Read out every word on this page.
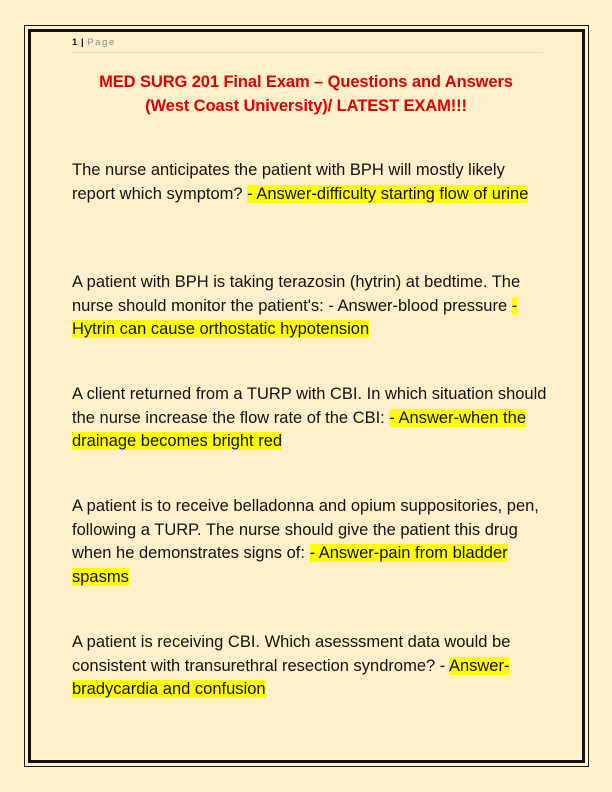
1 | Page
MED SURG 201 Final Exam – Questions and Answers
(West Coast University)/ LATEST EXAM!!!
The nurse anticipates the patient with BPH will mostly likely report which symptom? - Answer-difficulty starting flow of urine
A patient with BPH is taking terazosin (hytrin) at bedtime. The nurse should monitor the patient's: - Answer-blood pressure - Hytrin can cause orthostatic hypotension
A client returned from a TURP with CBI. In which situation should the nurse increase the flow rate of the CBI: - Answer-when the drainage becomes bright red
A patient is to receive belladonna and opium suppositories, pen, following a TURP. The nurse should give the patient this drug when he demonstrates signs of: - Answer-pain from bladder spasms
A patient is receiving CBI. Which asesssment data would be consistent with transurethral resection syndrome? - Answer-bradycardia and confusion
